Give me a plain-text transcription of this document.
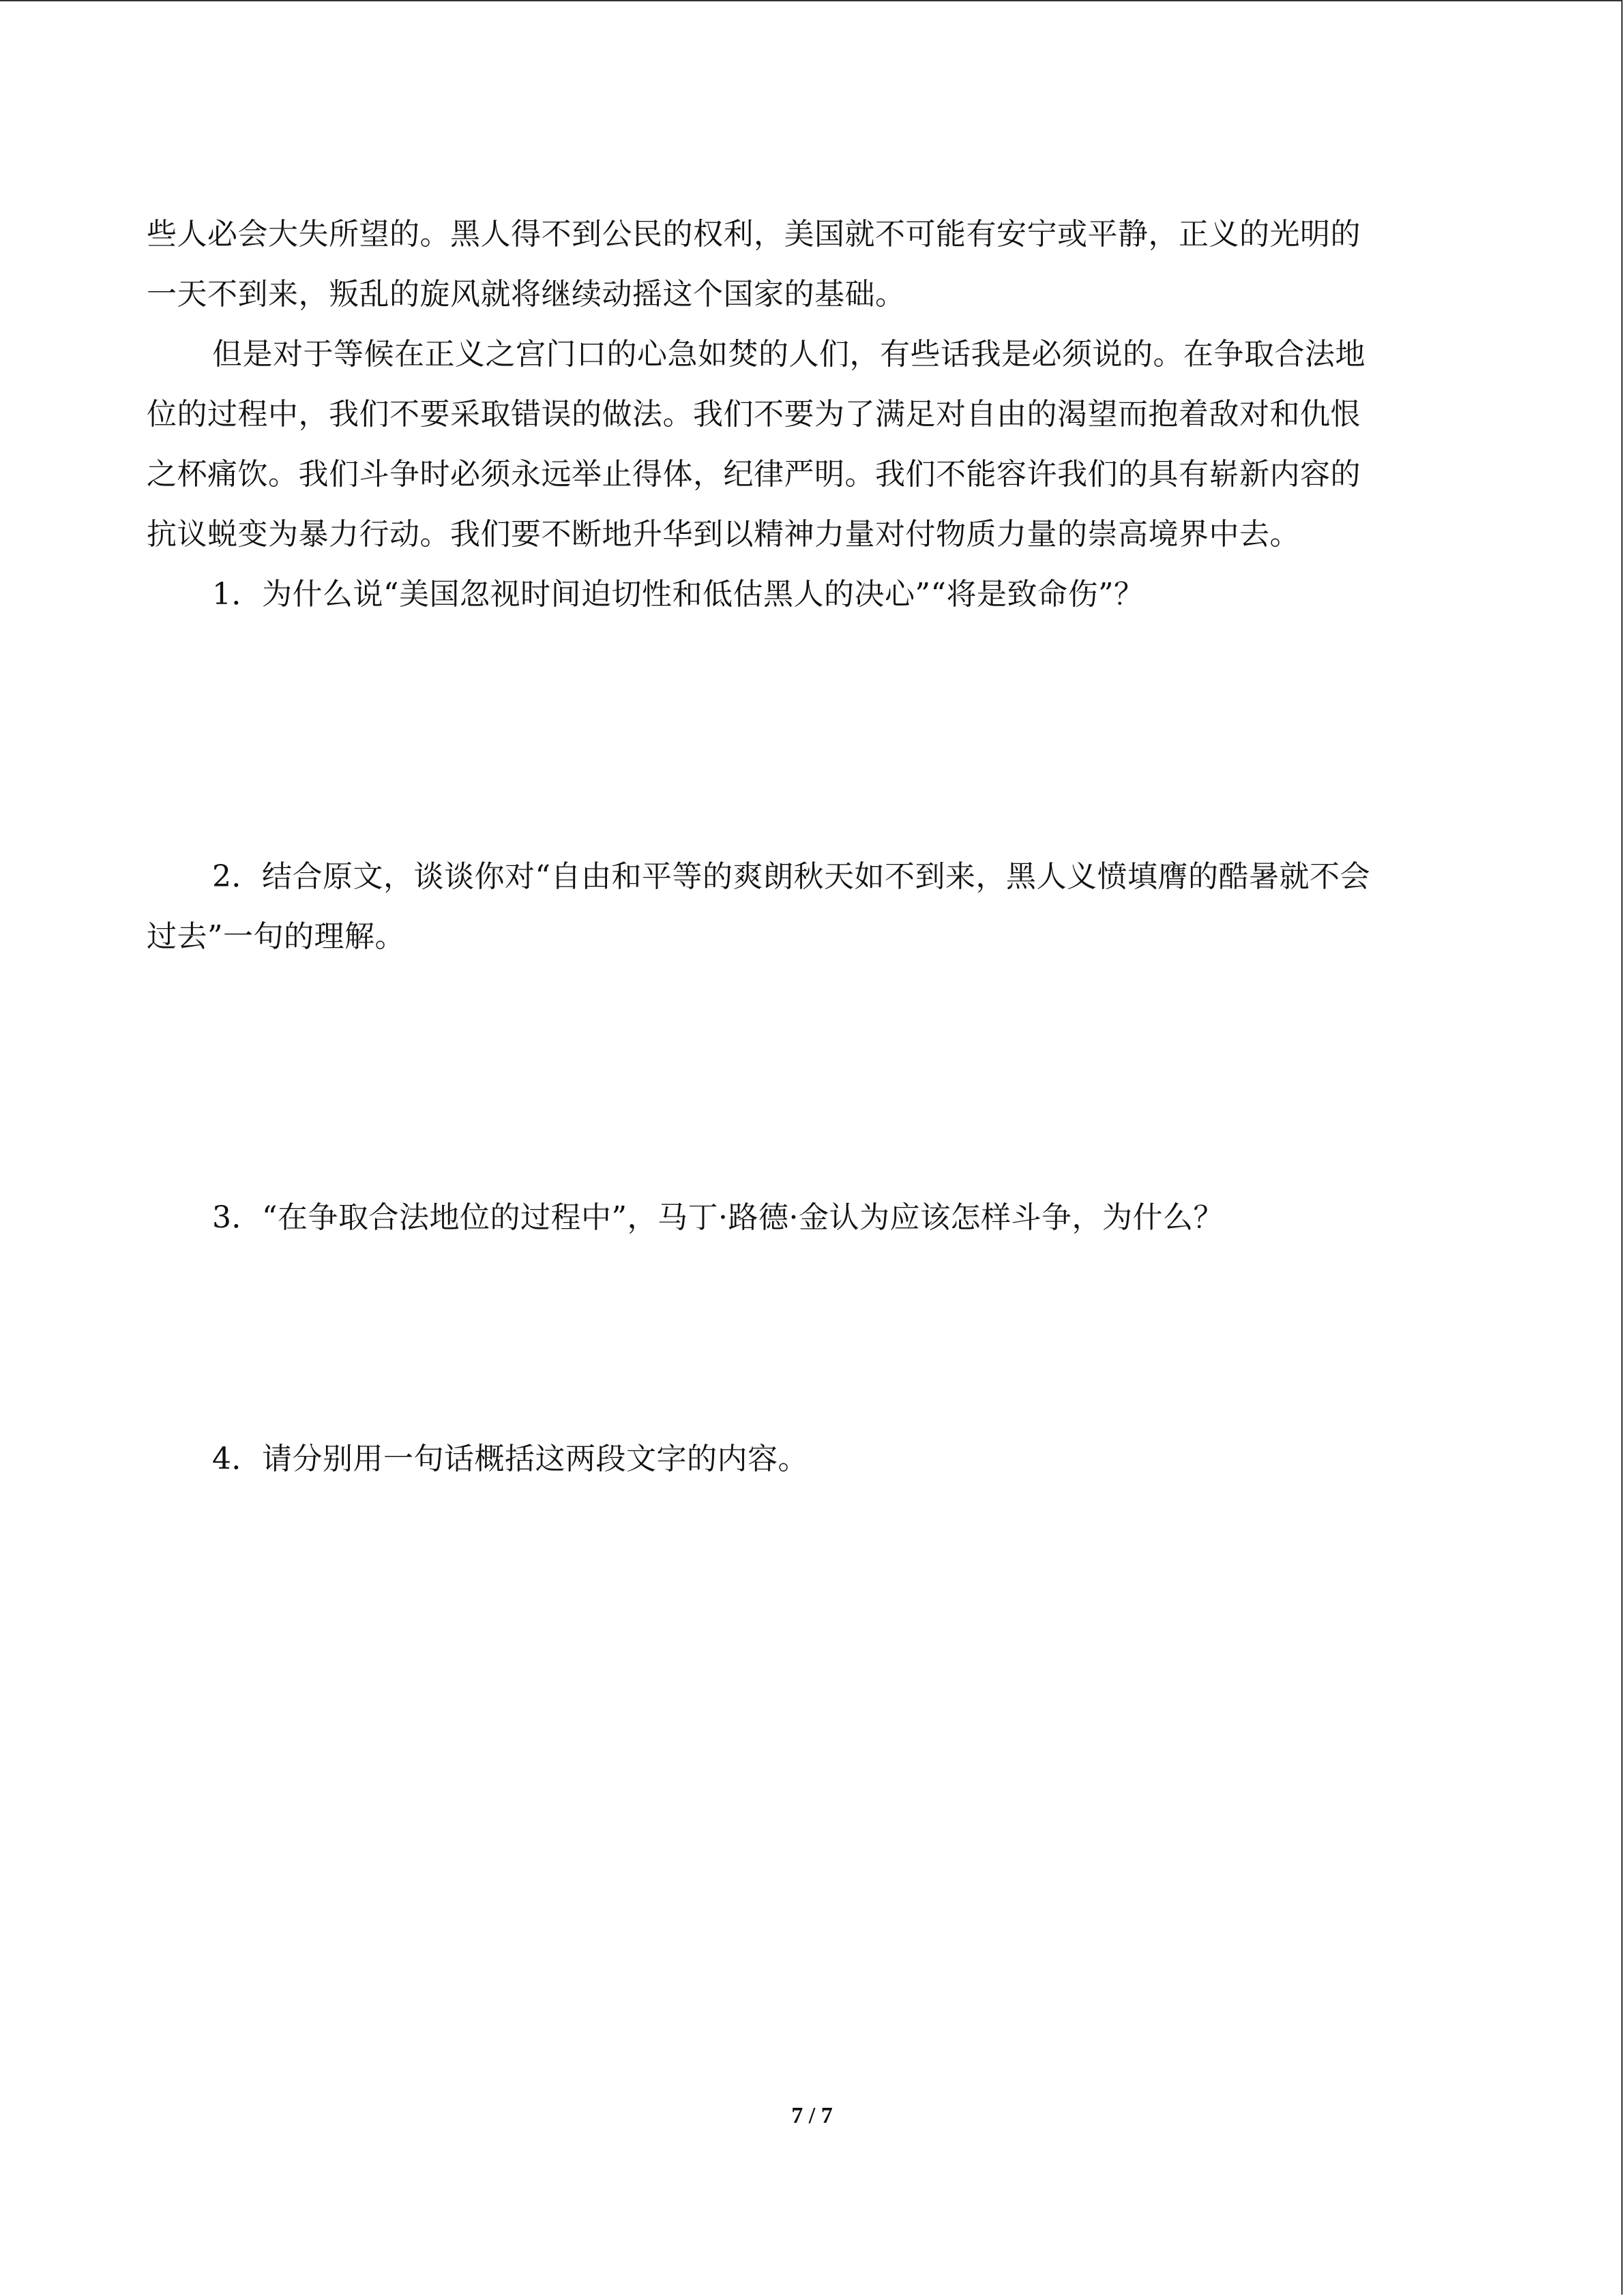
些人必会大失所望的。黑人得不到公民的权利，美国就不可能有安宁或平静，正义的光明的
一天不到来，叛乱的旋风就将继续动摇这个国家的基础。
但是对于等候在正义之宫门口的心急如焚的人们，有些话我是必须说的。在争取合法地
位的过程中，我们不要采取错误的做法。我们不要为了满足对自由的渴望而抱着敌对和仇恨
之杯痛饮。我们斗争时必须永远举止得体，纪律严明。我们不能容许我们的具有崭新内容的
抗议蜕变为暴力行动。我们要不断地升华到以精神力量对付物质力量的崇高境界中去。
1．为什么说“美国忽视时间迫切性和低估黑人的决心”“将是致命伤”？
2．结合原文，谈谈你对“自由和平等的爽朗秋天如不到来，黑人义愤填膺的酷暑就不会
过去”一句的理解。
3．“在争取合法地位的过程中”，马丁·路德·金认为应该怎样斗争，为什么？
4．请分别用一句话概括这两段文字的内容。
7 / 7
